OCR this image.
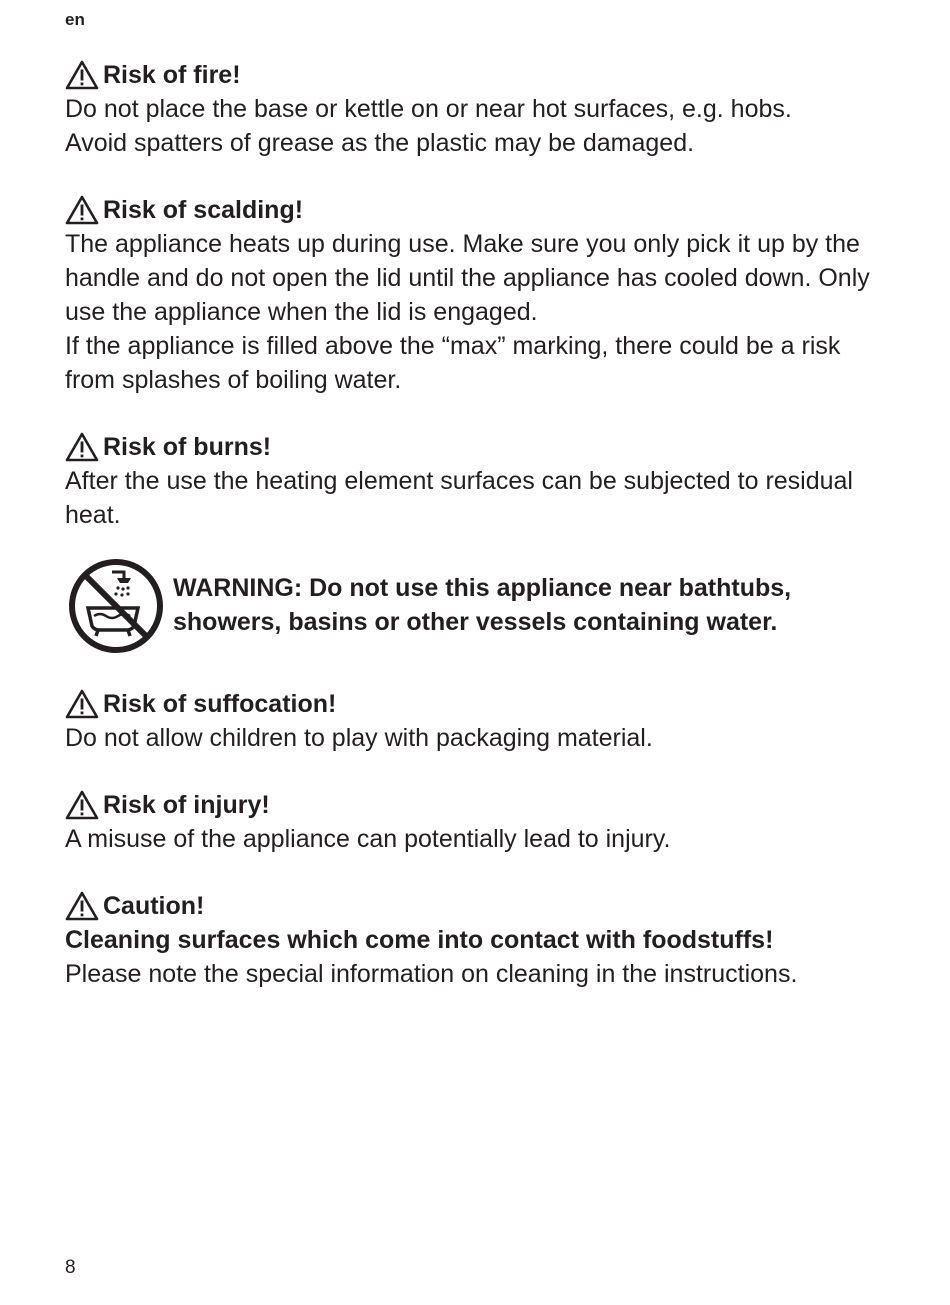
en
Risk of fire!

Do not place the base or kettle on or near hot surfaces, e.g. hobs.

Avoid spatters of grease as the plastic may be damaged.

Risk of scalding!

The appliance heats up during use. Make sure you only pick it up by the handle and do not open the lid until the appliance has cooled down. Only use the appliance when the lid is engaged.

If the appliance is filled above the “max” marking, there could be a risk from splashes of boiling water.

Risk of burns!

After the use the heating element surfaces can be subjected to residual heat.

WARNING: Do not use this appliance near bathtubs, showers, basins or other vessels containing water.
Risk of suffocation!

Do not allow children to play with packaging material.

Risk of injury!

A misuse of the appliance can potentially lead to injury.

Caution!

Cleaning surfaces which come into contact with foodstuffs!

Please note the special information on cleaning in the instructions.

8
